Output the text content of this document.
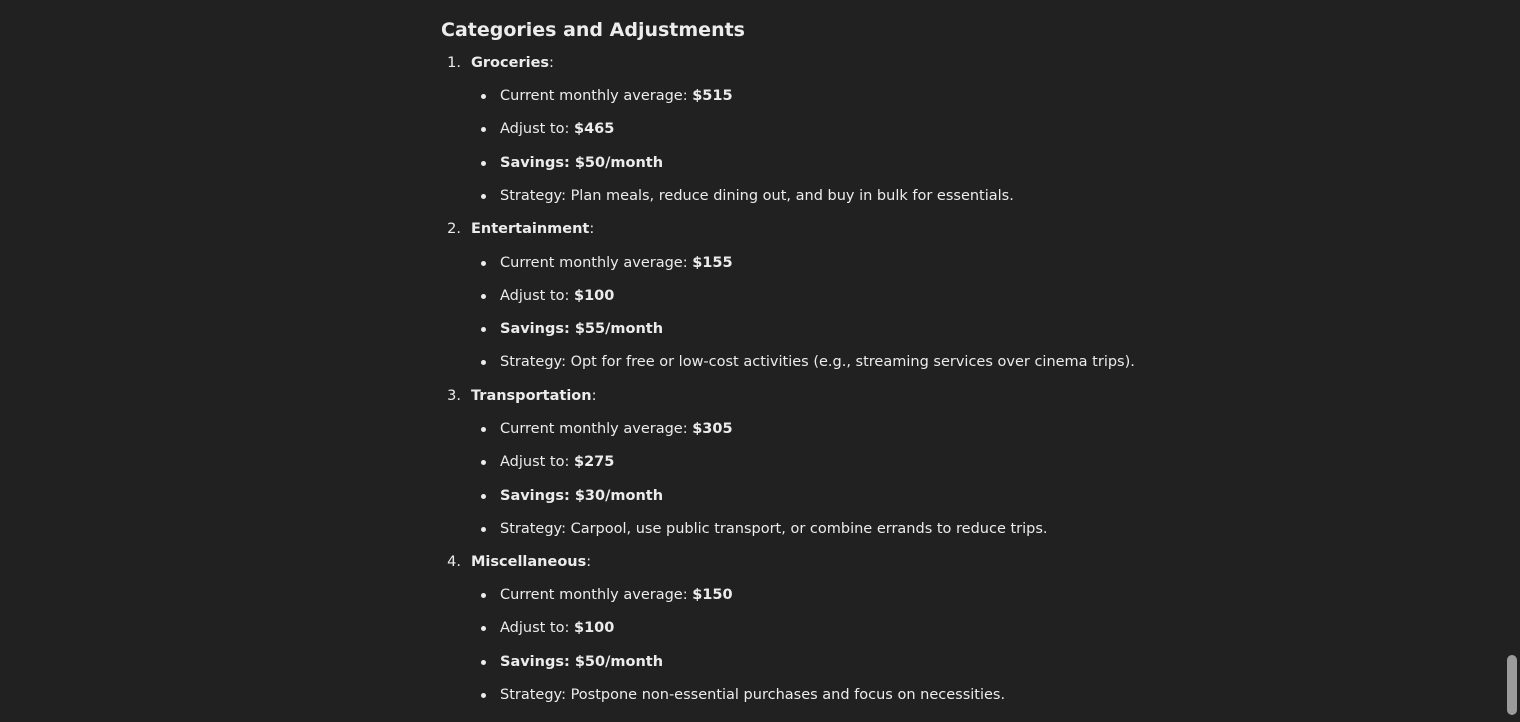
Categories and Adjustments
1. Groceries:
Current monthly average: $515
Adjust to: $465
Savings: $50/month
Strategy: Plan meals, reduce dining out, and buy in bulk for essentials.
2. Entertainment:
Current monthly average: $155
Adjust to: $100
Savings: $55/month
Strategy: Opt for free or low-cost activities (e.g., streaming services over cinema trips).
3. Transportation:
Current monthly average: $305
Adjust to: $275
Savings: $30/month
Strategy: Carpool, use public transport, or combine errands to reduce trips.
4. Miscellaneous:
Current monthly average: $150
Adjust to: $100
Savings: $50/month
Strategy: Postpone non-essential purchases and focus on necessities.
